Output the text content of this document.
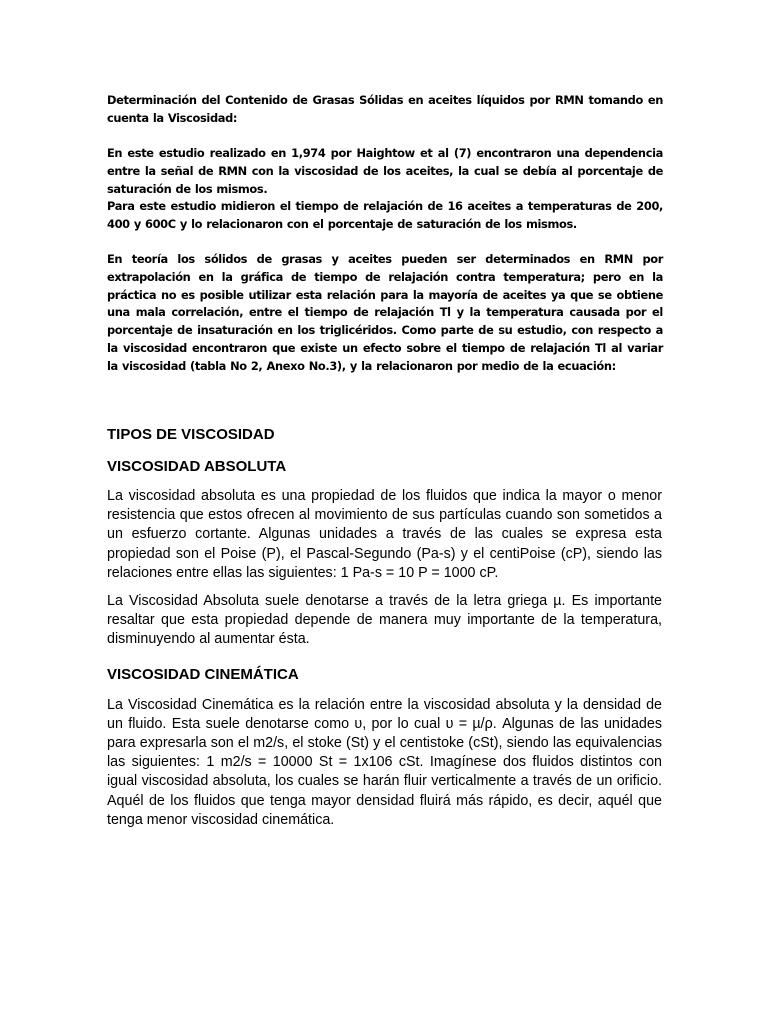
Determinación del Contenido de Grasas Sólidas en aceites líquidos por RMN tomando en cuenta la Viscosidad:

En este estudio realizado en 1,974 por Haightow et al (7) encontraron una dependencia entre la señal de RMN con la viscosidad de los aceites, la cual se debía al porcentaje de saturación de los mismos.

Para este estudio midieron el tiempo de relajación de 16 aceites a temperaturas de 200, 400 y 600C y lo relacionaron con el porcentaje de saturación de los mismos.

En teoría los sólidos de grasas y aceites pueden ser determinados en RMN por extrapolación en la gráfica de tiempo de relajación contra temperatura; pero en la práctica no es posible utilizar esta relación para la mayoría de aceites ya que se obtiene una mala correlación, entre el tiempo de relajación Tl y la temperatura causada por el porcentaje de insaturación en los triglicéridos. Como parte de su estudio, con respecto a la viscosidad encontraron que existe un efecto sobre el tiempo de relajación Tl al variar la viscosidad (tabla No 2, Anexo No.3), y la relacionaron por medio de la ecuación:

TIPOS DE VISCOSIDAD
VISCOSIDAD ABSOLUTA

La viscosidad absoluta es una propiedad de los fluidos que indica la mayor o menor resistencia que estos ofrecen al movimiento de sus partículas cuando son sometidos a un esfuerzo cortante. Algunas unidades a través de las cuales se expresa esta propiedad son el Poise (P), el Pascal-Segundo (Pa-s) y el centiPoise (cP), siendo las relaciones entre ellas las siguientes: 1 Pa-s = 10 P = 1000 cP.

La Viscosidad Absoluta suele denotarse a través de la letra griega µ. Es importante resaltar que esta propiedad depende de manera muy importante de la temperatura, disminuyendo al aumentar ésta.

VISCOSIDAD CINEMÁTICA

La Viscosidad Cinemática es la relación entre la viscosidad absoluta y la densidad de un fluido. Esta suele denotarse como υ, por lo cual υ = µ/ρ. Algunas de las unidades para expresarla son el m2/s, el stoke (St) y el centistoke (cSt), siendo las equivalencias las siguientes: 1 m2/s = 10000 St = 1x106 cSt. Imagínese dos fluidos distintos con igual viscosidad absoluta, los cuales se harán fluir verticalmente a través de un orificio. Aquél de los fluidos que tenga mayor densidad fluirá más rápido, es decir, aquél que tenga menor viscosidad cinemática.
